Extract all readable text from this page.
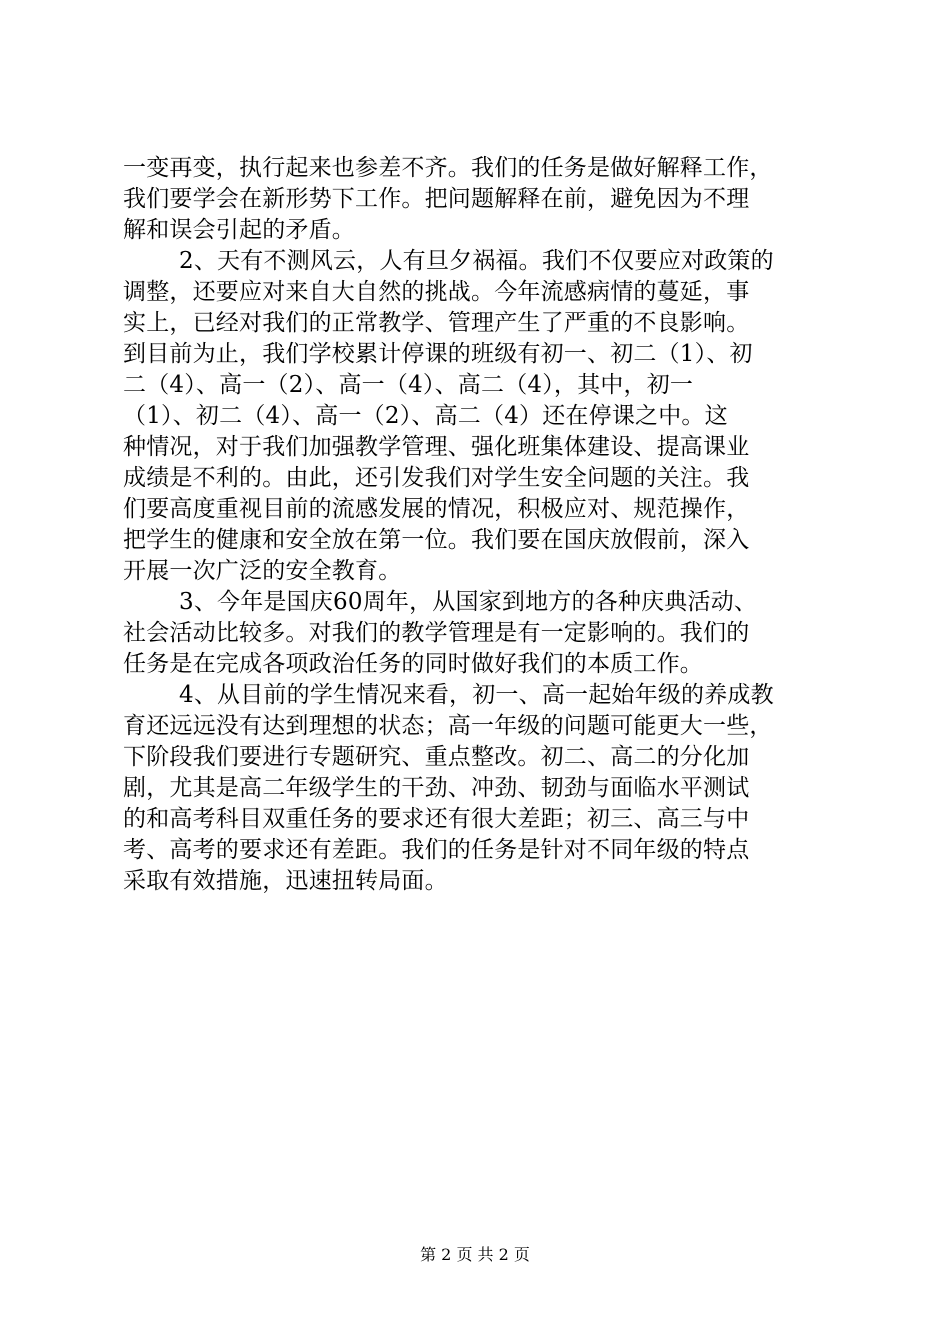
一变再变，执行起来也参差不齐。我们的任务是做好解释工作，
我们要学会在新形势下工作。把问题解释在前，避免因为不理
解和误会引起的矛盾。
2、天有不测风云，人有旦夕祸福。我们不仅要应对政策的
调整，还要应对来自大自然的挑战。今年流感病情的蔓延，事
实上，已经对我们的正常教学、管理产生了严重的不良影响。
到目前为止，我们学校累计停课的班级有初一、初二（1）、初
二（4）、高一（2）、高一（4）、高二（4），其中，初一
（1）、初二（4）、高一（2）、高二（4）还在停课之中。这
种情况，对于我们加强教学管理、强化班集体建设、提高课业
成绩是不利的。由此，还引发我们对学生安全问题的关注。我
们要高度重视目前的流感发展的情况，积极应对、规范操作，
把学生的健康和安全放在第一位。我们要在国庆放假前，深入
开展一次广泛的安全教育。
3、今年是国庆60周年，从国家到地方的各种庆典活动、
社会活动比较多。对我们的教学管理是有一定影响的。我们的
任务是在完成各项政治任务的同时做好我们的本质工作。
4、从目前的学生情况来看，初一、高一起始年级的养成教
育还远远没有达到理想的状态；高一年级的问题可能更大一些，
下阶段我们要进行专题研究、重点整改。初二、高二的分化加
剧，尤其是高二年级学生的干劲、冲劲、韧劲与面临水平测试
的和高考科目双重任务的要求还有很大差距；初三、高三与中
考、高考的要求还有差距。我们的任务是针对不同年级的特点
采取有效措施，迅速扭转局面。
第 2 页 共 2 页
